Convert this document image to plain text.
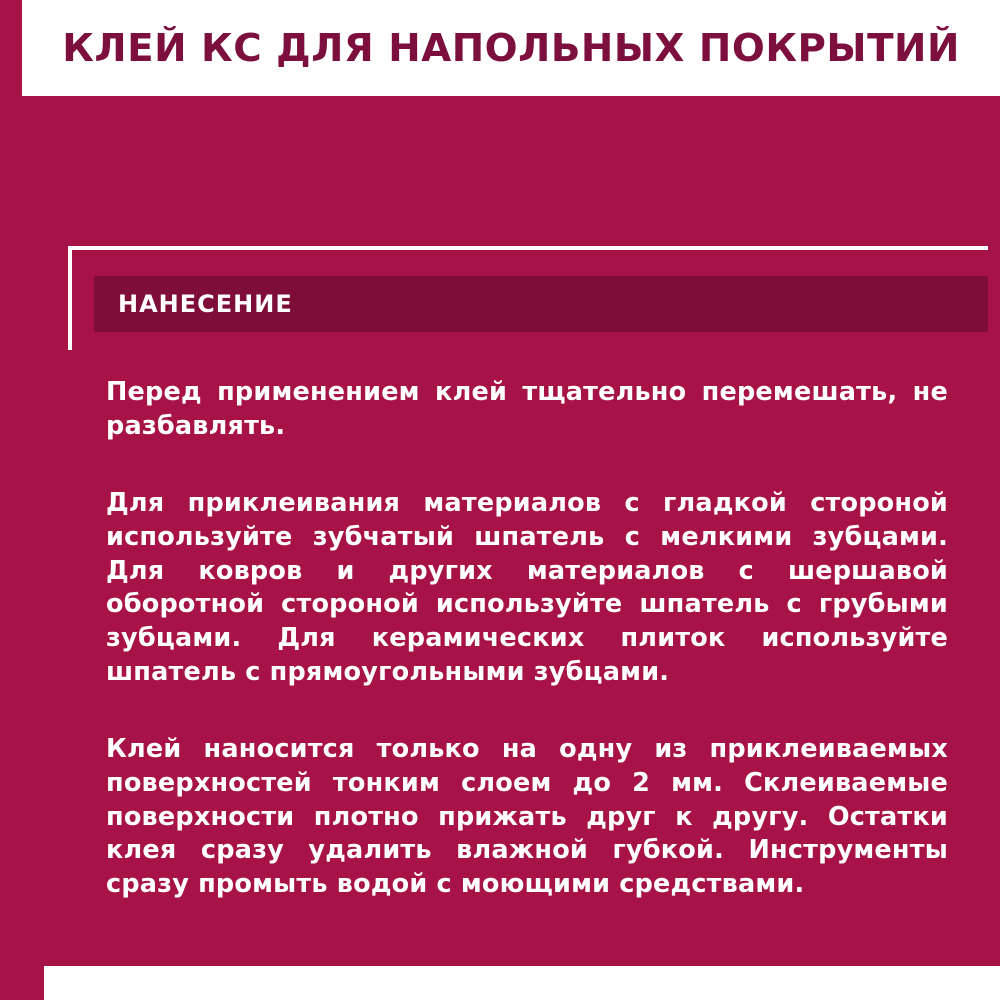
КЛЕЙ КС ДЛЯ НАПОЛЬНЫХ ПОКРЫТИЙ
НАНЕСЕНИЕ

Перед применением клей тщательно перемешать, не разбавлять.

Для приклеивания материалов с гладкой стороной используйте зубчатый шпатель с мелкими зубцами. Для ковров и других материалов с шершавой оборотной стороной используйте шпатель с грубыми зубцами. Для керамических плиток используйте шпатель с прямоугольными зубцами.

Клей наносится только на одну из приклеиваемых поверхностей тонким слоем до 2 мм. Склеиваемые поверхности плотно прижать друг к другу. Остатки клея сразу удалить влажной губкой. Инструменты сразу промыть водой с моющими средствами.
